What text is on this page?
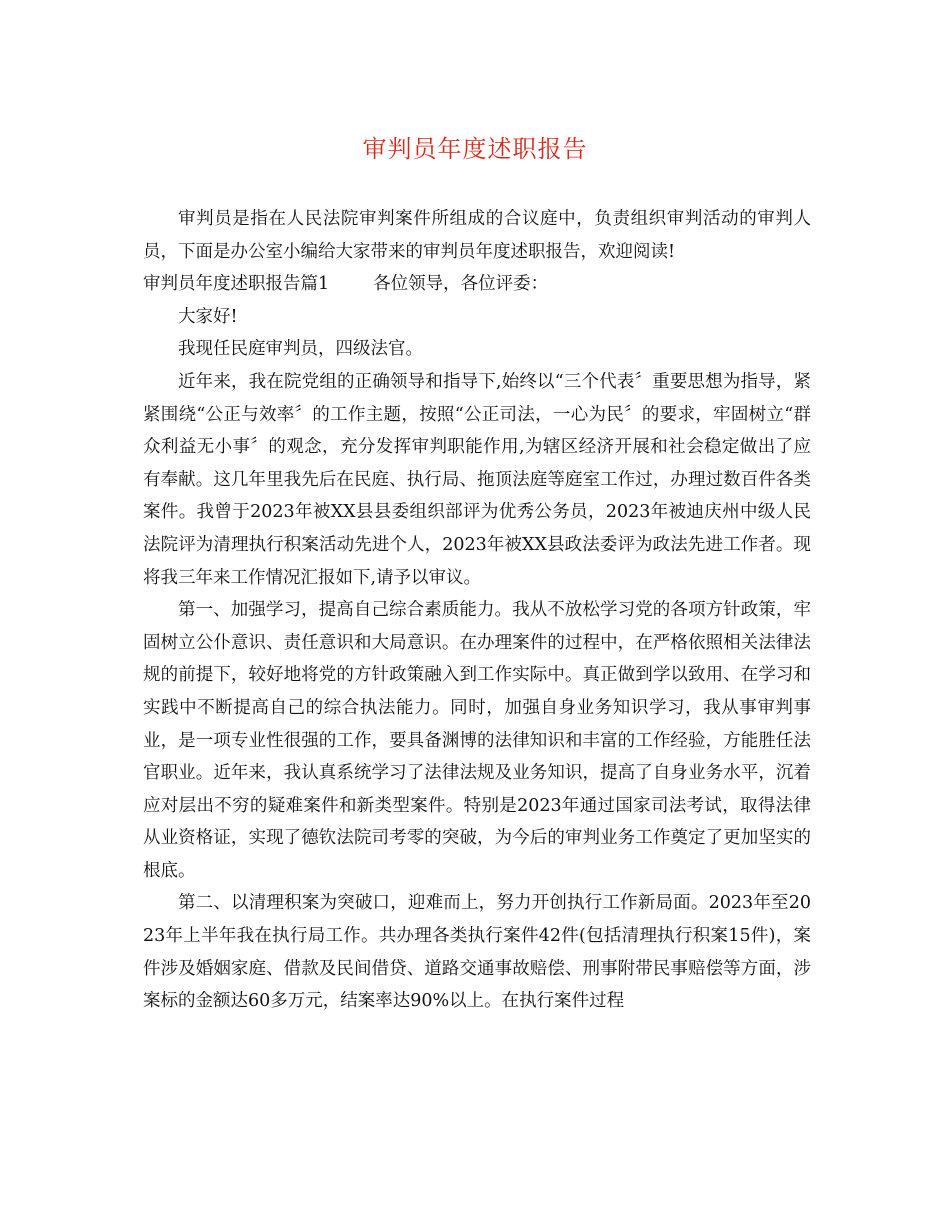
审判员年度述职报告

审判员是指在人民法院审判案件所组成的合议庭中，负责组织审判活动的审判人员，下面是办公室小编给大家带来的审判员年度述职报告，欢迎阅读!

审判员年度述职报告篇1	各位领导，各位评委：

大家好!

我现任民庭审判员，四级法官。

近年来，我在院党组的正确领导和指导下,始终以“三个代表〞重要思想为指导，紧紧围绕“公正与效率〞的工作主题，按照“公正司法，一心为民〞的要求，牢固树立“群众利益无小事〞的观念，充分发挥审判职能作用,为辖区经济开展和社会稳定做出了应有奉献。这几年里我先后在民庭、执行局、拖顶法庭等庭室工作过，办理过数百件各类案件。我曾于2023年被XX县县委组织部评为优秀公务员，2023年被迪庆州中级人民法院评为清理执行积案活动先进个人，2023年被XX县政法委评为政法先进工作者。现将我三年来工作情况汇报如下,请予以审议。

第一、加强学习，提高自己综合素质能力。我从不放松学习党的各项方针政策，牢固树立公仆意识、责任意识和大局意识。在办理案件的过程中，在严格依照相关法律法规的前提下，较好地将党的方针政策融入到工作实际中。真正做到学以致用、在学习和实践中不断提高自己的综合执法能力。同时，加强自身业务知识学习，我从事审判事业，是一项专业性很强的工作，要具备渊博的法律知识和丰富的工作经验，方能胜任法官职业。近年来，我认真系统学习了法律法规及业务知识，提高了自身业务水平，沉着应对层出不穷的疑难案件和新类型案件。特别是2023年通过国家司法考试，取得法律从业资格证，实现了德钦法院司考零的突破，为今后的审判业务工作奠定了更加坚实的根底。

第二、以清理积案为突破口，迎难而上，努力开创执行工作新局面。2023年至2023年上半年我在执行局工作。共办理各类执行案件42件(包括清理执行积案15件)，案件涉及婚姻家庭、借款及民间借贷、道路交通事故赔偿、刑事附带民事赔偿等方面，涉案标的金额达60多万元，结案率达90%以上。在执行案件过程
